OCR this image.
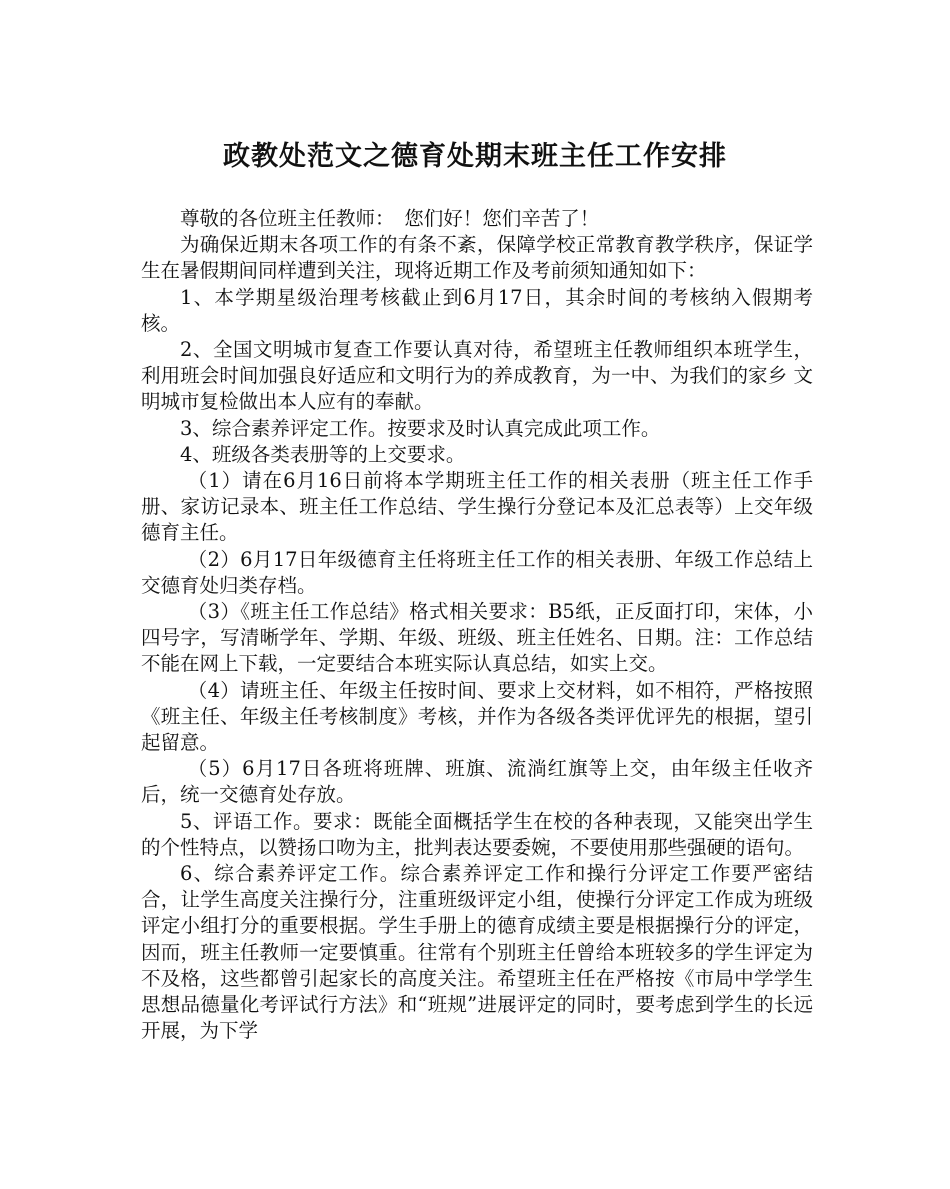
政教处范文之德育处期末班主任工作安排

尊敬的各位班主任教师：　您们好！您们辛苦了！

为确保近期末各项工作的有条不紊，保障学校正常教育教学秩序，保证学生在暑假期间同样遭到关注，现将近期工作及考前须知通知如下：

1、本学期星级治理考核截止到6月17日，其余时间的考核纳入假期考核。

2、全国文明城市复查工作要认真对待，希望班主任教师组织本班学生，利用班会时间加强良好适应和文明行为的养成教育，为一中、为我们的家乡 文明城市复检做出本人应有的奉献。

3、综合素养评定工作。按要求及时认真完成此项工作。

4、班级各类表册等的上交要求。

（1）请在6月16日前将本学期班主任工作的相关表册（班主任工作手册、家访记录本、班主任工作总结、学生操行分登记本及汇总表等）上交年级德育主任。

（2）6月17日年级德育主任将班主任工作的相关表册、年级工作总结上交德育处归类存档。

（3）《班主任工作总结》格式相关要求：B5纸，正反面打印，宋体，小四号字，写清晰学年、学期、年级、班级、班主任姓名、日期。注：工作总结不能在网上下载，一定要结合本班实际认真总结，如实上交。

（4）请班主任、年级主任按时间、要求上交材料，如不相符，严格按照《班主任、年级主任考核制度》考核，并作为各级各类评优评先的根据，望引起留意。

（5）6月17日各班将班牌、班旗、流淌红旗等上交，由年级主任收齐后，统一交德育处存放。

5、评语工作。要求：既能全面概括学生在校的各种表现，又能突出学生的个性特点，以赞扬口吻为主，批判表达要委婉，不要使用那些强硬的语句。

6、综合素养评定工作。综合素养评定工作和操行分评定工作要严密结合，让学生高度关注操行分，注重班级评定小组，使操行分评定工作成为班级评定小组打分的重要根据。学生手册上的德育成绩主要是根据操行分的评定，因而，班主任教师一定要慎重。往常有个别班主任曾给本班较多的学生评定为不及格，这些都曾引起家长的高度关注。希望班主任在严格按《市局中学学生思想品德量化考评试行方法》和“班规”进展评定的同时，要考虑到学生的长远开展，为下学
